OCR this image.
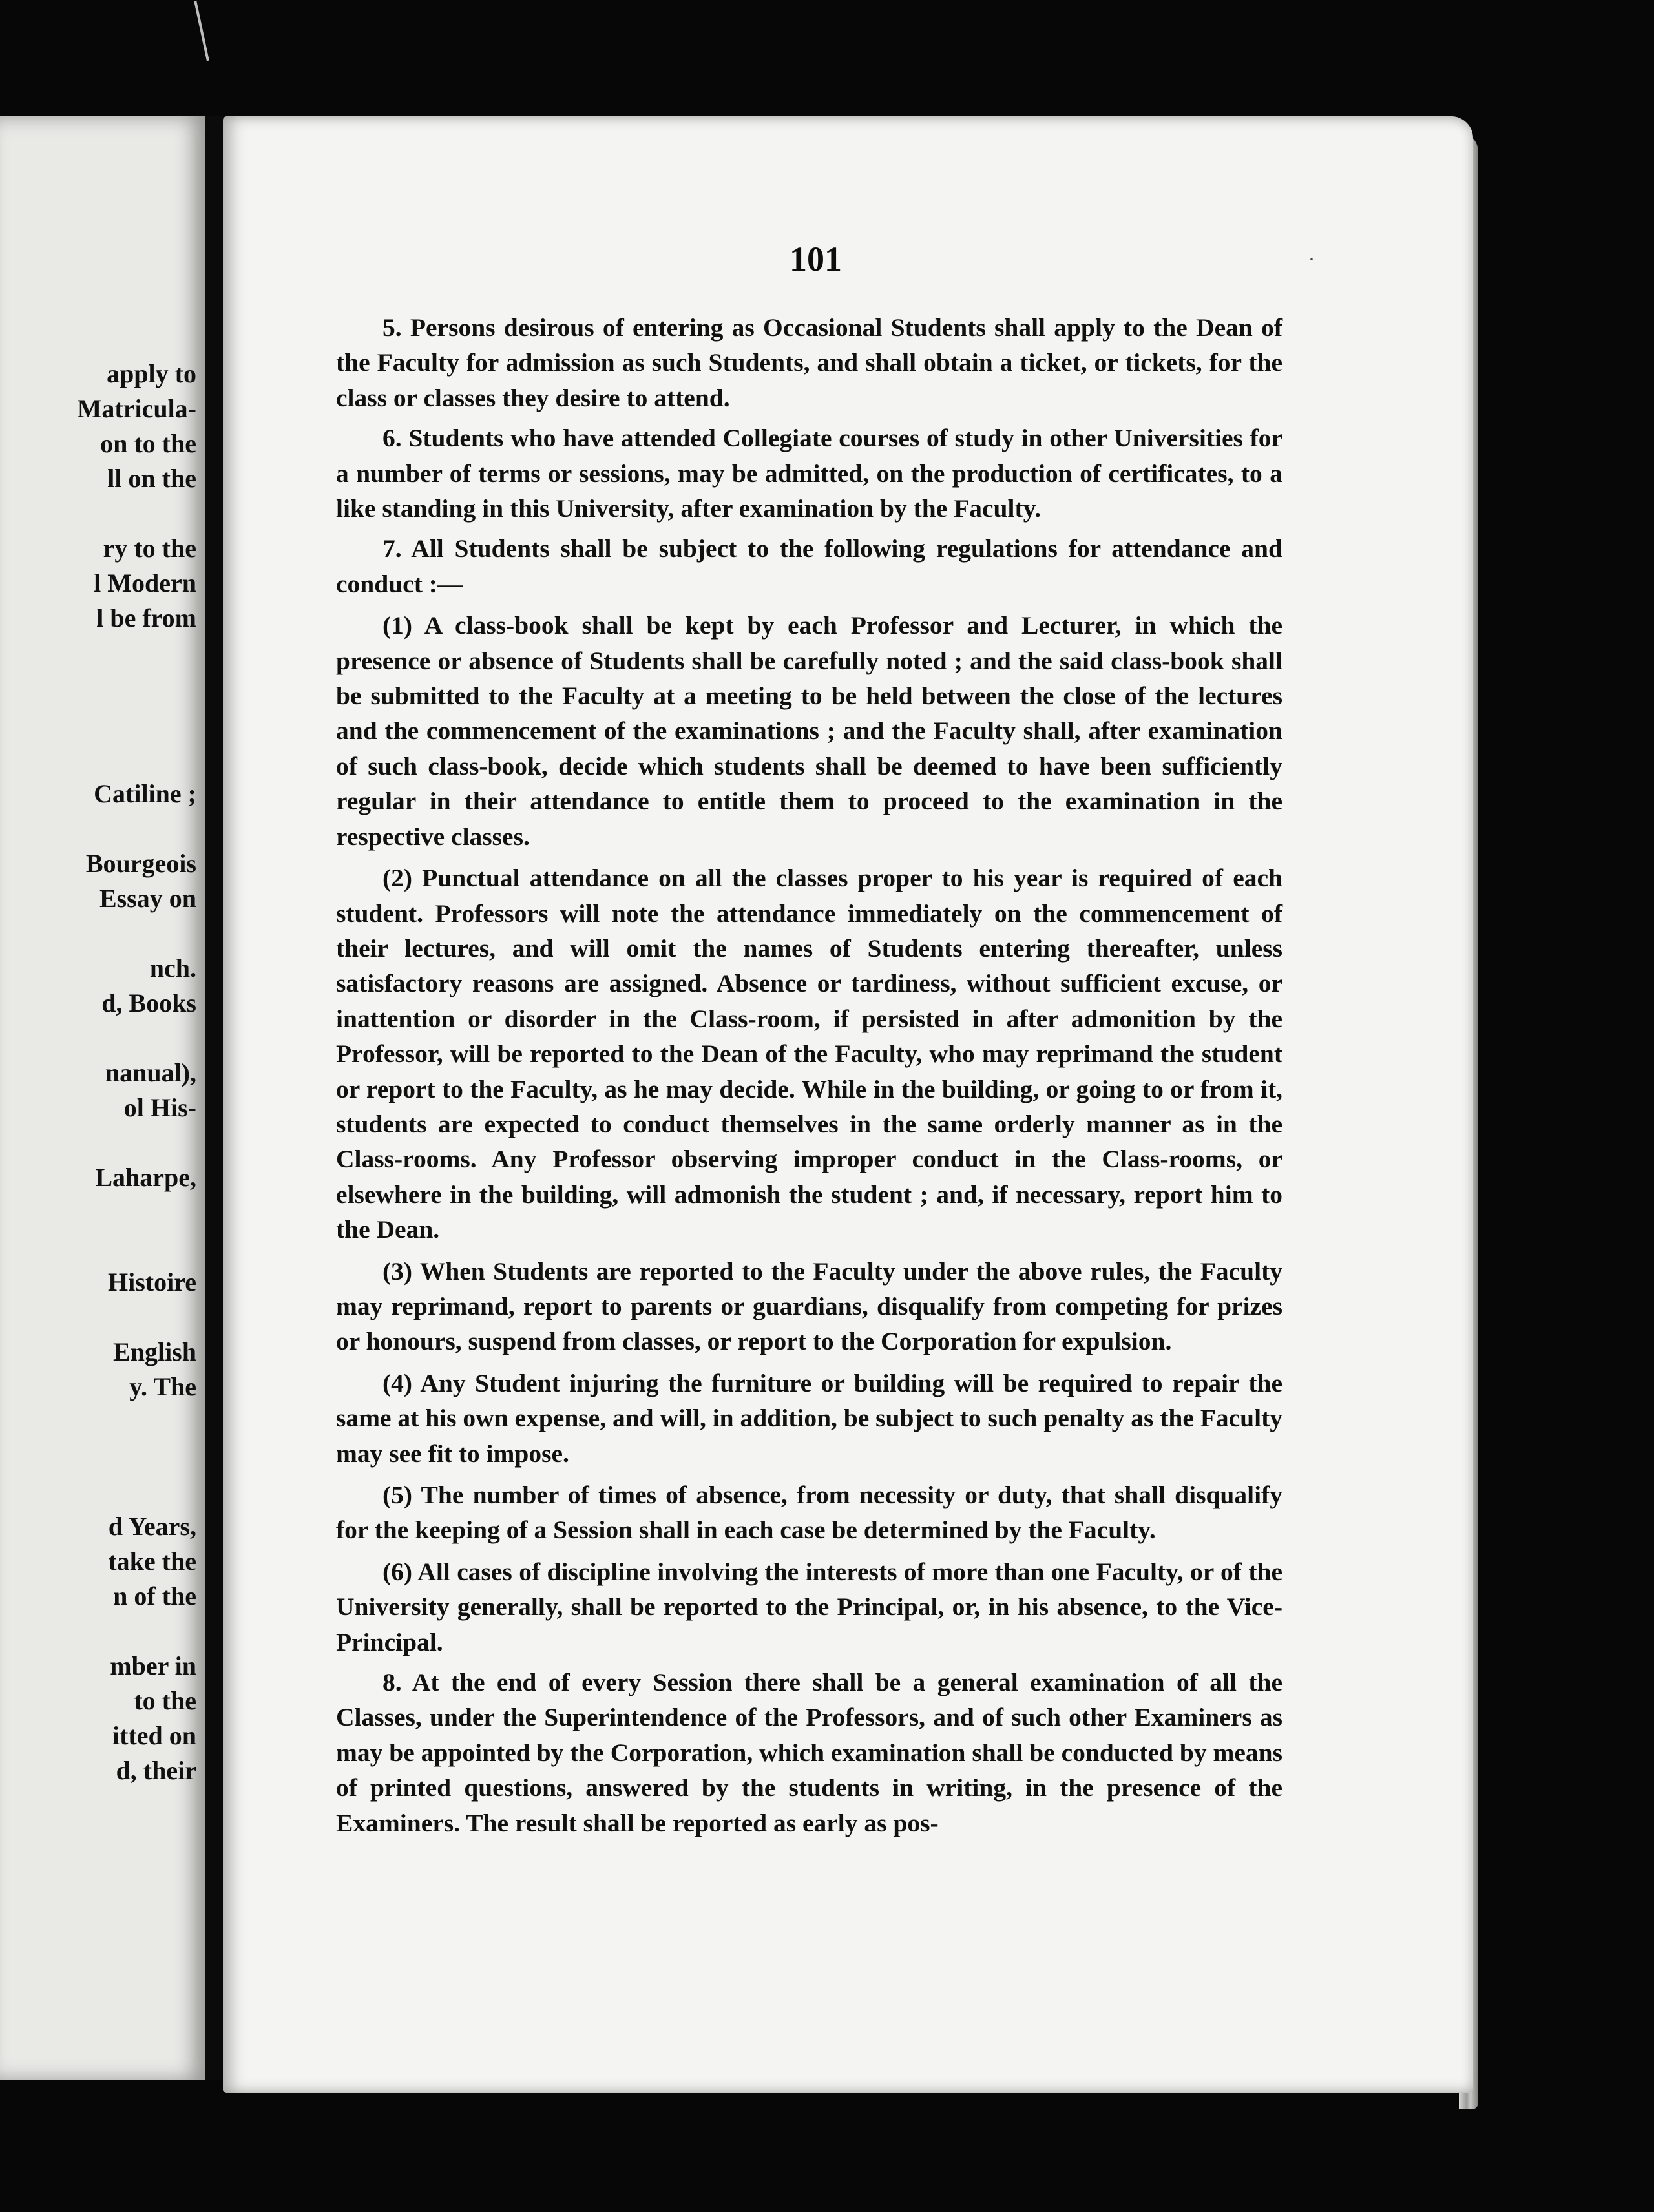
apply to
Matricula-
on to the
ll on the
ry to the
l Modern
l be from
Catiline ;
Bourgeois
Essay on
nch.
d, Books
nanual),
ol His-
Laharpe,
Histoire
English
y. The
d Years,
take the
n of the
mber in
to the
itted on
d, their
101	·

5. Persons desirous of entering as Occasional Students shall apply to the Dean of the Faculty for admission as such Students, and shall obtain a ticket, or tickets, for the class or classes they desire to attend.

6. Students who have attended Collegiate courses of study in other Universities for a number of terms or sessions, may be admitted, on the production of certificates, to a like standing in this University, after examination by the Faculty.

7. All Students shall be subject to the following regulations for attendance and conduct :—

(1) A class-book shall be kept by each Professor and Lecturer, in which the presence or absence of Students shall be carefully noted ; and the said class-book shall be submitted to the Faculty at a meeting to be held between the close of the lectures and the commencement of the examinations ; and the Faculty shall, after examination of such class-book, decide which students shall be deemed to have been sufficiently regular in their attendance to entitle them to proceed to the examination in the respective classes.

(2) Punctual attendance on all the classes proper to his year is required of each student. Professors will note the attendance immediately on the commencement of their lectures, and will omit the names of Students entering thereafter, unless satisfactory reasons are assigned. Absence or tardiness, without sufficient excuse, or inattention or disorder in the Class-room, if persisted in after admonition by the Professor, will be reported to the Dean of the Faculty, who may reprimand the student or report to the Faculty, as he may decide. While in the building, or going to or from it, students are expected to conduct themselves in the same orderly manner as in the Class-rooms. Any Professor observing improper conduct in the Class-rooms, or elsewhere in the building, will admonish the student ; and, if necessary, report him to the Dean.

(3) When Students are reported to the Faculty under the above rules, the Faculty may reprimand, report to parents or guardians, disqualify from competing for prizes or honours, suspend from classes, or report to the Corporation for expulsion.

(4) Any Student injuring the furniture or building will be required to repair the same at his own expense, and will, in addition, be subject to such penalty as the Faculty may see fit to impose.

(5) The number of times of absence, from necessity or duty, that shall disqualify for the keeping of a Session shall in each case be determined by the Faculty.

(6) All cases of discipline involving the interests of more than one Faculty, or of the University generally, shall be reported to the Principal, or, in his absence, to the Vice-Principal.

8. At the end of every Session there shall be a general examination of all the Classes, under the Superintendence of the Professors, and of such other Examiners as may be appointed by the Corporation, which examination shall be conducted by means of printed questions, answered by the students in writing, in the presence of the Examiners. The result shall be reported as early as pos-
